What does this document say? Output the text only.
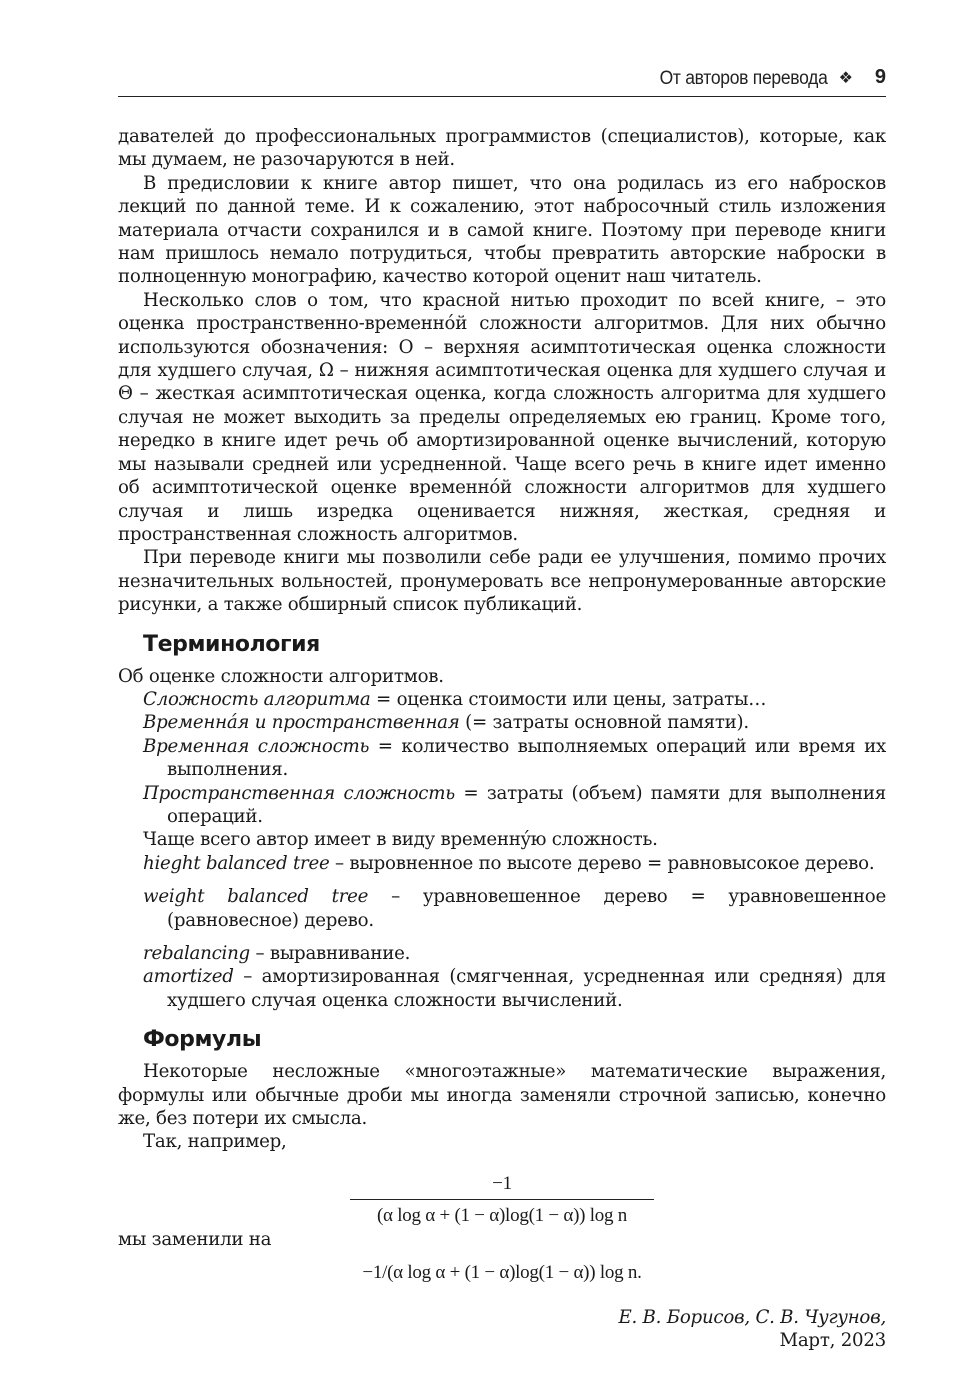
От авторов перевода ❖ 9

давателей до профессиональных программистов (специалистов), которые, как мы думаем, не разочаруются в ней.

В предисловии к книге автор пишет, что она родилась из его набросков лекций по данной теме. И к сожалению, этот набросочный стиль изложения материала отчасти сохранился и в самой книге. Поэтому при переводе книги нам пришлось немало потрудиться, чтобы превратить авторские наброски в полноценную монографию, качество которой оценит наш читатель.

Несколько слов о том, что красной нитью проходит по всей книге, – это оценка пространственно-временнóй сложности алгоритмов. Для них обычно используются обозначения: O – верхняя асимптотическая оценка сложности для худшего случая, Ω – нижняя асимптотическая оценка для худшего случая и Θ – жесткая асимптотическая оценка, когда сложность алгоритма для худшего случая не может выходить за пределы определяемых ею границ. Кроме того, нередко в книге идет речь об амортизированной оценке вычислений, которую мы называли средней или усредненной. Чаще всего речь в книге идет именно об асимптотической оценке временнóй сложности алгоритмов для худшего случая и лишь изредка оценивается нижняя, жесткая, средняя и пространственная сложность алгоритмов.

При переводе книги мы позволили себе ради ее улучшения, помимо прочих незначительных вольностей, пронумеровать все непронумерованные авторские рисунки, а также обширный список публикаций.

Терминология

Об оценке сложности алгоритмов.

Сложность алгоритма = оценка стоимости или цены, затраты…

Временнáя и пространственная (= затраты основной памяти).

Временная сложность = количество выполняемых операций или время их выполнения.

Пространственная сложность = затраты (объем) памяти для выполнения операций.

Чаще всего автор имеет в виду временнýю сложность.

hieght balanced tree – выровненное по высоте дерево = равновысокое дерево.

weight balanced tree – уравновешенное дерево = уравновешенное (равновесное) дерево.

rebalancing – выравнивание.

amortized – амортизированная (смягченная, усредненная или средняя) для худшего случая оценка сложности вычислений.

Формулы

Некоторые несложные «многоэтажные» математические выражения, формулы или обычные дроби мы иногда заменяли строчной записью, конечно же, без потери их смысла.

Так, например,

−1
(α log α + (1 − α)log(1 − α)) log n

мы заменили на

−1/(α log α + (1 − α)log(1 − α)) log n.
Е. В. Борисов, С. В. Чугунов,
Март, 2023
